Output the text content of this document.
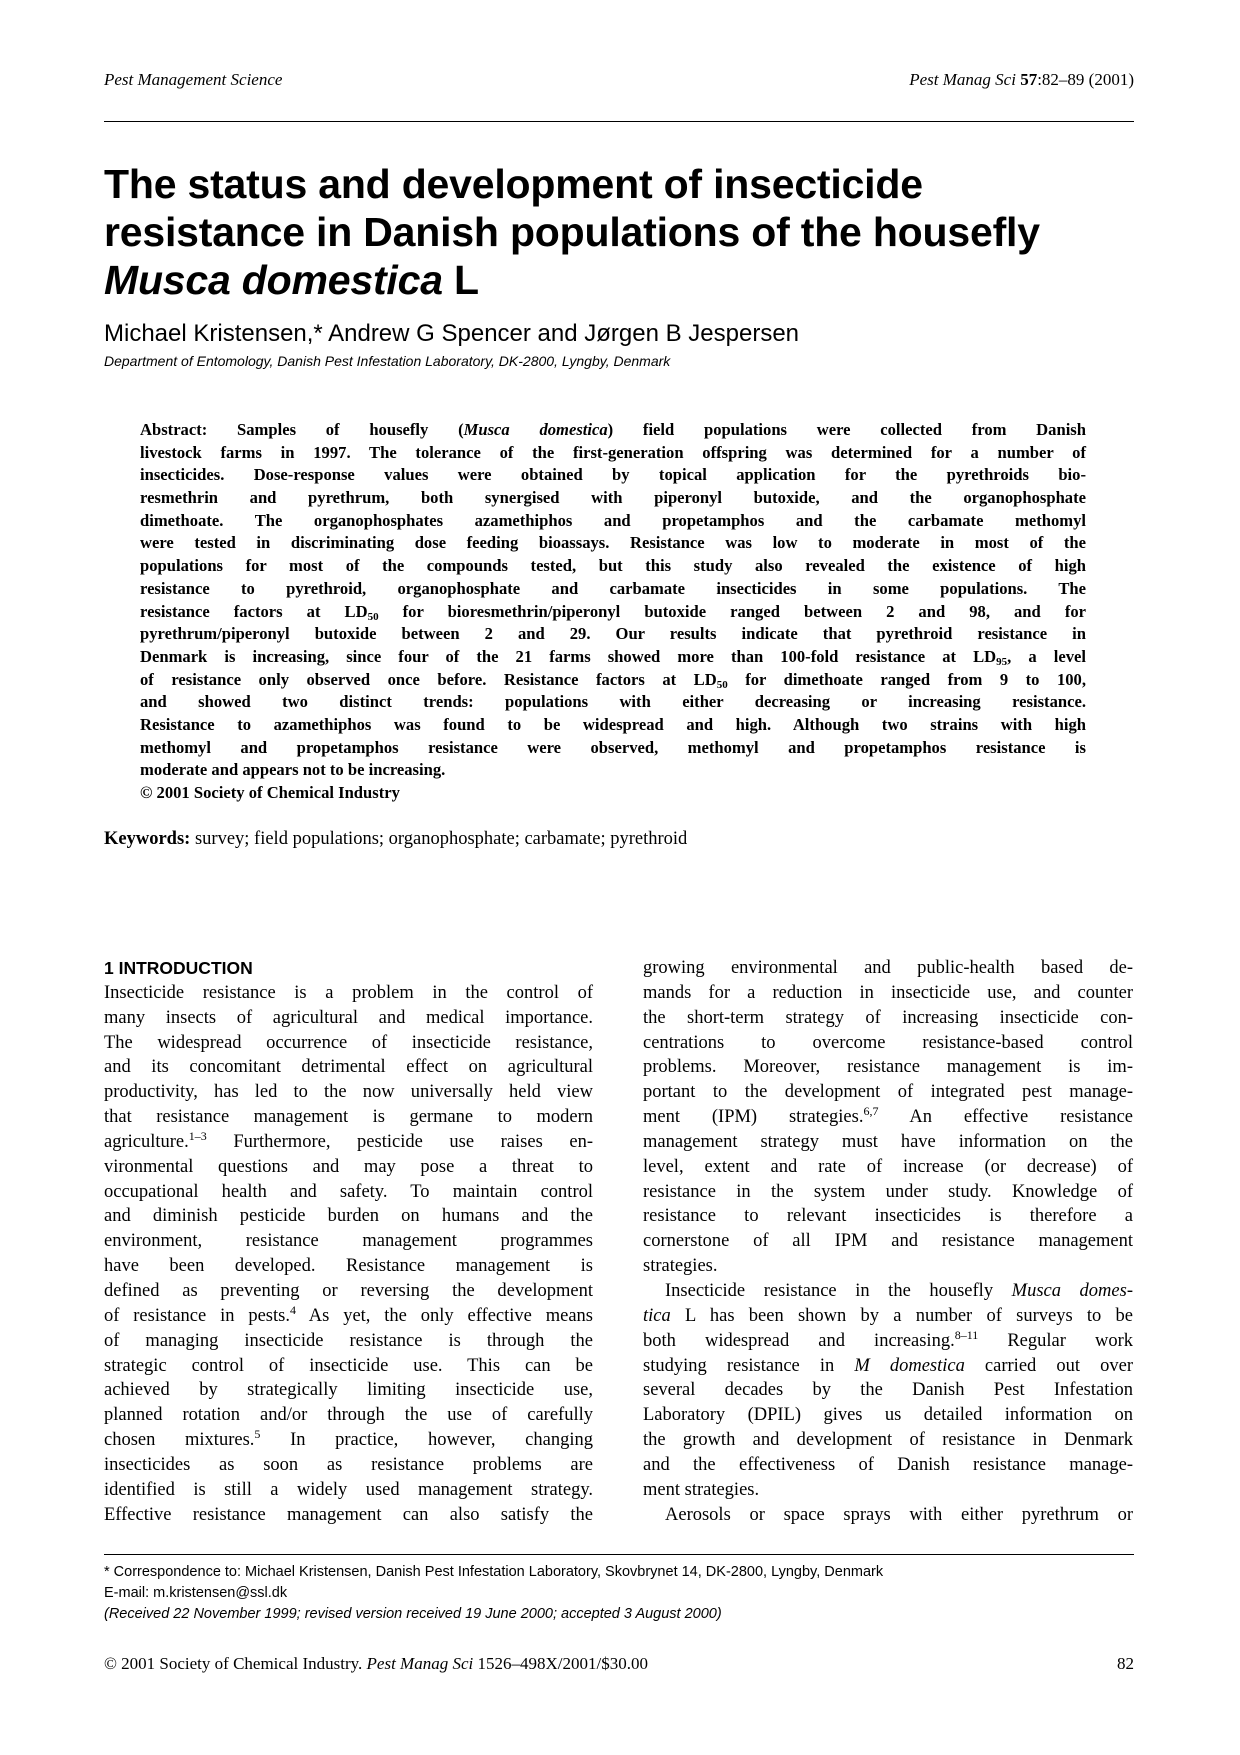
Pest Management Science	Pest Manag Sci 57:82–89 (2001)
The status and development of insecticide
resistance in Danish populations of the housefly
Musca domestica L
Michael Kristensen,* Andrew G Spencer and Jørgen B Jespersen
Department of Entomology, Danish Pest Infestation Laboratory, DK-2800, Lyngby, Denmark
Abstract: Samples of housefly (Musca domestica) field populations were collected from Danish
livestock farms in 1997. The tolerance of the first-generation offspring was determined for a number of
insecticides. Dose-response values were obtained by topical application for the pyrethroids bio-
resmethrin and pyrethrum, both synergised with piperonyl butoxide, and the organophosphate
dimethoate. The organophosphates azamethiphos and propetamphos and the carbamate methomyl
were tested in discriminating dose feeding bioassays. Resistance was low to moderate in most of the
populations for most of the compounds tested, but this study also revealed the existence of high
resistance to pyrethroid, organophosphate and carbamate insecticides in some populations. The
resistance factors at $LD_{50}$ for bioresmethrin/piperonyl butoxide ranged between 2 and 98, and for
pyrethrum/piperonyl butoxide between 2 and 29. Our results indicate that pyrethroid resistance in
Denmark is increasing, since four of the 21 farms showed more than 100-fold resistance at $LD_{95}$, a level
of resistance only observed once before. Resistance factors at $LD_{50}$ for dimethoate ranged from 9 to 100,
and showed two distinct trends: populations with either decreasing or increasing resistance.
Resistance to azamethiphos was found to be widespread and high. Although two strains with high
methomyl and propetamphos resistance were observed, methomyl and propetamphos resistance is
moderate and appears not to be increasing.
© 2001 Society of Chemical Industry
Keywords: survey; field populations; organophosphate; carbamate; pyrethroid
1 INTRODUCTION
Insecticide resistance is a problem in the control of
many insects of agricultural and medical importance.
The widespread occurrence of insecticide resistance,
and its concomitant detrimental effect on agricultural
productivity, has led to the now universally held view
that resistance management is germane to modern
agriculture.$^{1-3}$ Furthermore, pesticide use raises en-
vironmental questions and may pose a threat to
occupational health and safety. To maintain control
and diminish pesticide burden on humans and the
environment, resistance management programmes
have been developed. Resistance management is
defined as preventing or reversing the development
of resistance in pests.$^4$ As yet, the only effective means
of managing insecticide resistance is through the
strategic control of insecticide use. This can be
achieved by strategically limiting insecticide use,
planned rotation and/or through the use of carefully
chosen mixtures.$^5$ In practice, however, changing
insecticides as soon as resistance problems are
identified is still a widely used management strategy.
Effective resistance management can also satisfy the
growing environmental and public-health based de-
mands for a reduction in insecticide use, and counter
the short-term strategy of increasing insecticide con-
centrations to overcome resistance-based control
problems. Moreover, resistance management is im-
portant to the development of integrated pest manage-
ment (IPM) strategies.$^{6,7}$ An effective resistance
management strategy must have information on the
level, extent and rate of increase (or decrease) of
resistance in the system under study. Knowledge of
resistance to relevant insecticides is therefore a
cornerstone of all IPM and resistance management
strategies.
Insecticide resistance in the housefly Musca domes-
tica L has been shown by a number of surveys to be
both widespread and increasing.$^{8-11}$ Regular work
studying resistance in M domestica carried out over
several decades by the Danish Pest Infestation
Laboratory (DPIL) gives us detailed information on
the growth and development of resistance in Denmark
and the effectiveness of Danish resistance manage-
ment strategies.
Aerosols or space sprays with either pyrethrum or
* Correspondence to: Michael Kristensen, Danish Pest Infestation Laboratory, Skovbrynet 14, DK-2800, Lyngby, Denmark
E-mail: m.kristensen@ssl.dk
(Received 22 November 1999; revised version received 19 June 2000; accepted 3 August 2000)
© 2001 Society of Chemical Industry. Pest Manag Sci 1526–498X/2001/$30.00	82
